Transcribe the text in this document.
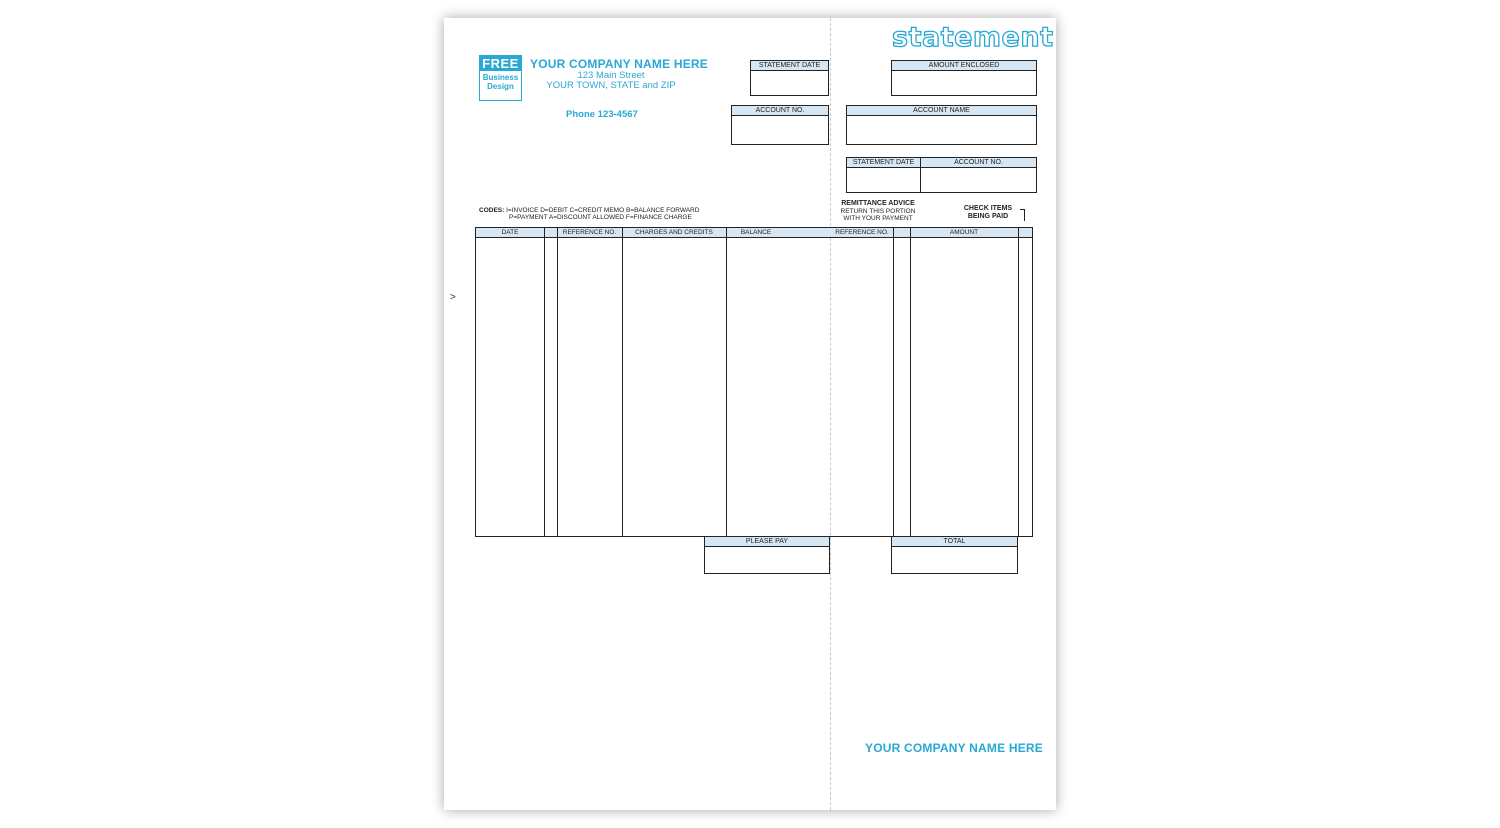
FREE
Business
Design
YOUR COMPANY NAME HERE
123 Main Street
YOUR TOWN, STATE and ZIP
Phone 123-4567
statement
STATEMENT DATE	AMOUNT ENCLOSED
ACCOUNT NO.	ACCOUNT NAME
STATEMENT DATE	ACCOUNT NO.
CODES: I=INVOICE D=DEBIT C=CREDIT MEMO B=BALANCE FORWARD
P=PAYMENT A=DISCOUNT ALLOWED F=FINANCE CHARGE
REMITTANCE ADVICE
RETURN THIS PORTION
WITH YOUR PAYMENT
CHECK ITEMS
BEING PAID
DATE	REFERENCE NO.	CHARGES AND CREDITS	BALANCE	REFERENCE NO.	AMOUNT
PLEASE PAY	TOTAL
>
YOUR COMPANY NAME HERE
